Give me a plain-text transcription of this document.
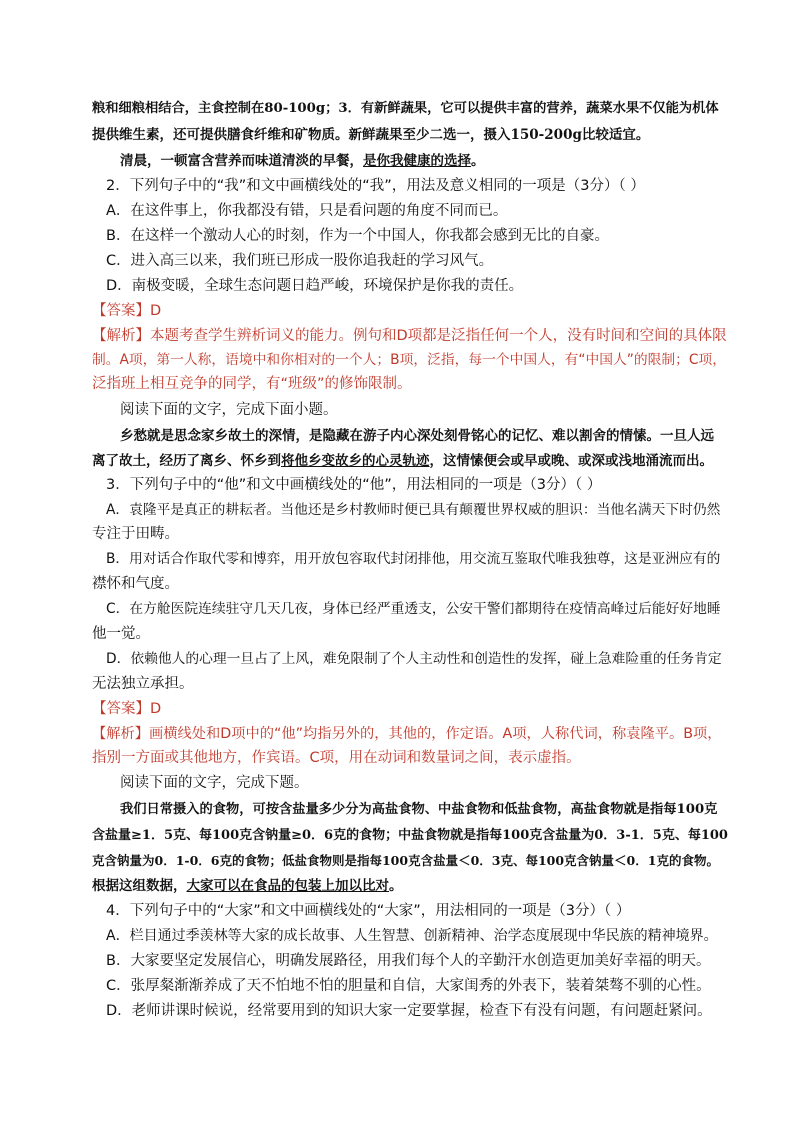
粮和细粮相结合，主食控制在80-100g；3．有新鲜蔬果，它可以提供丰富的营养，蔬菜水果不仅能为机体
提供维生素，还可提供膳食纤维和矿物质。新鲜蔬果至少二选一，摄入150-200g比较适宜。
清晨，一顿富含营养而味道清淡的早餐，是你我健康的选择。
2．下列句子中的“我”和文中画横线处的“我”，用法及意义相同的一项是（3分）（ ）
A．在这件事上，你我都没有错，只是看问题的角度不同而已。
B．在这样一个激动人心的时刻，作为一个中国人，你我都会感到无比的自豪。
C．进入高三以来，我们班已形成一股你追我赶的学习风气。
D．南极变暖，全球生态问题日趋严峻，环境保护是你我的责任。
【答案】D
【解析】本题考查学生辨析词义的能力。例句和D项都是泛指任何一个人，没有时间和空间的具体限
制。A项，第一人称，语境中和你相对的一个人；B项，泛指，每一个中国人，有“中国人”的限制；C项，
泛指班上相互竞争的同学，有“班级”的修饰限制。
阅读下面的文字，完成下面小题。
乡愁就是思念家乡故土的深情，是隐藏在游子内心深处刻骨铭心的记忆、难以割舍的情愫。一旦人远
离了故土，经历了离乡、怀乡到将他乡变故乡的心灵轨迹，这情愫便会或早或晚、或深或浅地涌流而出。
3．下列句子中的“他”和文中画横线处的“他”，用法相同的一项是（3分）（ ）
A．袁隆平是真正的耕耘者。当他还是乡村教师时便已具有颠覆世界权威的胆识：当他名满天下时仍然
专注于田畴。
B．用对话合作取代零和博弈，用开放包容取代封闭排他，用交流互鉴取代唯我独尊，这是亚洲应有的
襟怀和气度。
C．在方舱医院连续驻守几天几夜，身体已经严重透支，公安干警们都期待在疫情高峰过后能好好地睡
他一觉。
D．依赖他人的心理一旦占了上风，难免限制了个人主动性和创造性的发挥，碰上急难险重的任务肯定
无法独立承担。
【答案】D
【解析】画横线处和D项中的“他”均指另外的，其他的，作定语。A项，人称代词，称袁隆平。B项，
指别一方面或其他地方，作宾语。C项，用在动词和数量词之间，表示虚指。
阅读下面的文字，完成下题。
我们日常摄入的食物，可按含盐量多少分为高盐食物、中盐食物和低盐食物，高盐食物就是指每100克
含盐量≥1．5克、每100克含钠量≥0．6克的食物；中盐食物就是指每100克含盐量为0．3-1．5克、每100
克含钠量为0．1-0．6克的食物；低盐食物则是指每100克含盐量＜0．3克、每100克含钠量＜0．1克的食物。
根据这组数据，大家可以在食品的包装上加以比对。
4．下列句子中的“大家”和文中画横线处的“大家”，用法相同的一项是（3分）（ ）
A．栏目通过季羡林等大家的成长故事、人生智慧、创新精神、治学态度展现中华民族的精神境界。
B．大家要坚定发展信心，明确发展路径，用我们每个人的辛勤汗水创造更加美好幸福的明天。
C．张厚粲渐渐养成了天不怕地不怕的胆量和自信，大家闺秀的外表下，装着桀骜不驯的心性。
D．老师讲课时候说，经常要用到的知识大家一定要掌握，检查下有没有问题，有问题赶紧问。
